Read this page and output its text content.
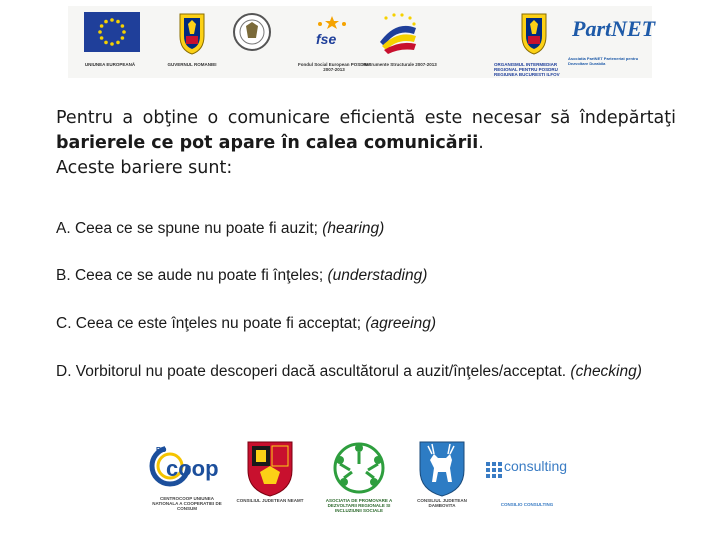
UNIUNEA EUROPEANĂ	GUVERNUL ROMANIEI
fse
Fondul Social European POSDRU 2007-2013
Instrumente Structurale 2007-2013	ORGANISMUL INTERMEDIAR REGIONAL PENTRU POSDRU REGIUNEA BUCURESTI ILFOV
PartNET
Asociatia PartNET Parteneriat pentru Dezvoltare Durabila
Pentru a obţine o comunicare eficientă este necesar să îndepărtaţi barierele ce pot apare în calea comunicării.
Aceste bariere sunt:
A. Ceea ce se spune nu poate fi auzit; (hearing)
B. Ceea ce se aude nu poate fi înţeles; (understading)
C. Ceea ce este înţeles nu poate fi acceptat; (agreeing)
D. Vorbitorul nu poate descoperi dacă ascultătorul a auzit/înţeles/acceptat. (checking)
RO
coop
CENTROCOOP UNIUNEA NATIONALA A COOPERATIEI DE CONSUM
CONSILIUL JUDETEAN NEAMT	ASOCIATIA DE PROMOVARE A DEZVOLTARII REGIONALE SI INCLUZIUNII SOCIALE
CONSILIUL JUDETEAN DAMBOVITA
consulting
CONSILIO CONSULTING
